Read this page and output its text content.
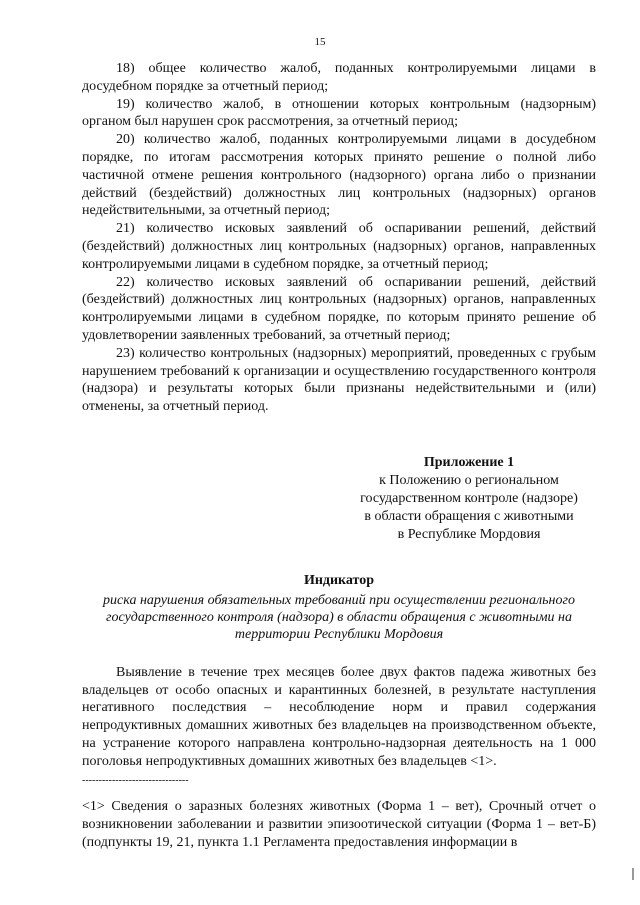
15

18) общее количество жалоб, поданных контролируемыми лицами в досудебном порядке за отчетный период;

19) количество жалоб, в отношении которых контрольным (надзорным) органом был нарушен срок рассмотрения, за отчетный период;

20) количество жалоб, поданных контролируемыми лицами в досудебном порядке, по итогам рассмотрения которых принято решение о полной либо частичной отмене решения контрольного (надзорного) органа либо о признании действий (бездействий) должностных лиц контрольных (надзорных) органов недействительными, за отчетный период;

21) количество исковых заявлений об оспаривании решений, действий (бездействий) должностных лиц контрольных (надзорных) органов, направленных контролируемыми лицами в судебном порядке, за отчетный период;

22) количество исковых заявлений об оспаривании решений, действий (бездействий) должностных лиц контрольных (надзорных) органов, направленных контролируемыми лицами в судебном порядке, по которым принято решение об удовлетворении заявленных требований, за отчетный период;

23) количество контрольных (надзорных) мероприятий, проведенных с грубым нарушением требований к организации и осуществлению государственного контроля (надзора) и результаты которых были признаны недействительными и (или) отменены, за отчетный период.

Приложение 1
к Положению о региональном
государственном контроле (надзоре)
в области обращения с животными
в Республике Мордовия
Индикатор

риска нарушения обязательных требований при осуществлении регионального государственного контроля (надзора) в области обращения с животными на территории Республики Мордовия

Выявление в течение трех месяцев более двух фактов падежа животных без владельцев от особо опасных и карантинных болезней, в результате наступления негативного последствия – несоблюдение норм и правил содержания непродуктивных домашних животных без владельцев на производственном объекте, на устранение которого направлена контрольно-надзорная деятельность на 1 000 поголовья непродуктивных домашних животных без владельцев <1>.

--------------------------------

<1> Сведения о заразных болезнях животных (Форма 1 – вет), Срочный отчет о возникновении заболевании и развитии эпизоотической ситуации (Форма 1 – вет-Б) (подпункты 19, 21, пункта 1.1 Регламента предоставления информации в
